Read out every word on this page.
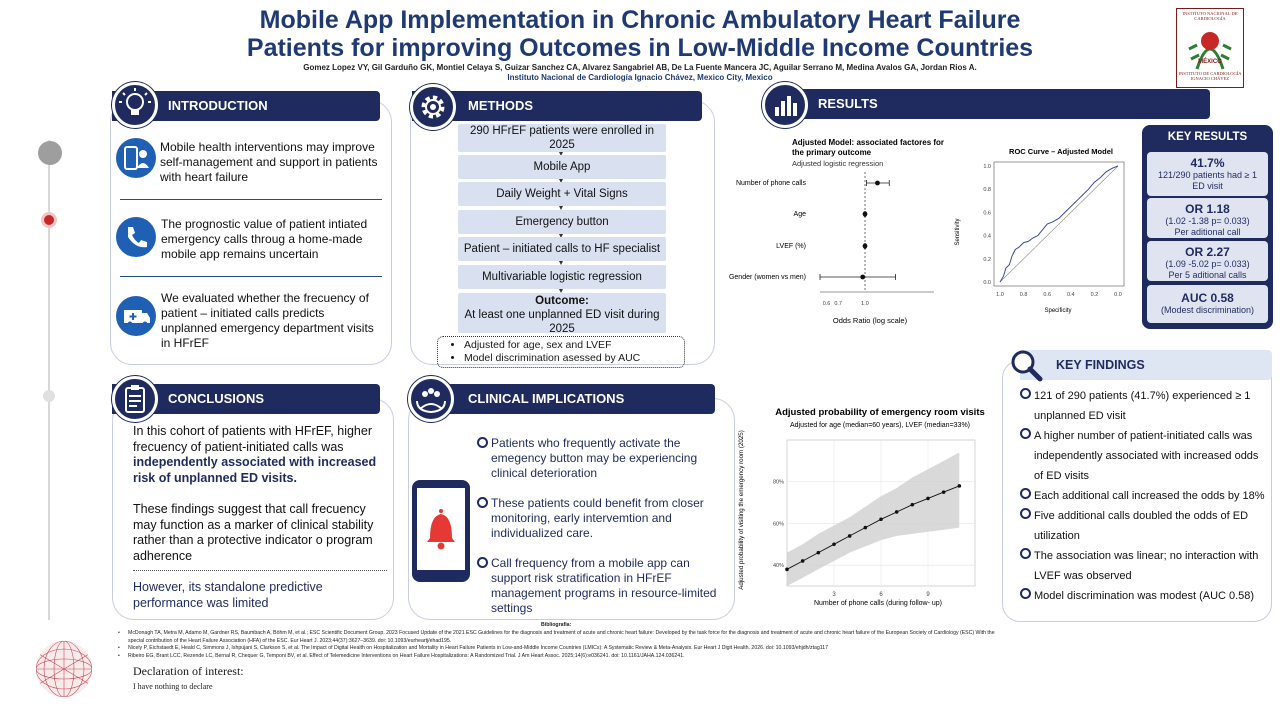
Mobile App Implementation in Chronic Ambulatory Heart Failure
Patients for improving Outcomes in Low-Middle Income Countries
Gomez Lopez VY, Gil Garduño GK, Montiel Celaya S, Guizar Sanchez CA, Alvarez Sangabriel AB, De La Fuente Mancera JC, Aguilar Serrano M, Medina Avalos GA, Jordan Rios A.
Instituto Nacional de Cardiología Ignacio Chávez, Mexico City, Mexico
INSTITUTO NACIONAL DE CARDIOLOGÍA
MÉXICO
INSTITUTO DE CARDIOLOGÍA IGNACIO CHÁVEZ
INTRODUCTION
Mobile health interventions may improve self-management and support in patients with heart failure
The prognostic value of patient intiated emergency calls throug a home-made mobile app remains uncertain
We evaluated whether the frecuency of patient – initiated calls predicts unplanned emergency department visits in HFrEF
METHODS
290 HFrEF patients were enrolled in 2025
Mobile App
Daily Weight + Vital Signs
Emergency button
Patient – initiated calls to HF specialist
Multivariable logistic regression
Outcome:
At least one unplanned ED visit during 2025
• Adjusted for age, sex and LVEF
• Model discrimination asessed by AUC
RESULTS
Adjusted Model: associated factores for the primary outcome
Adjusted logistic regression
0.6 0.7	1.0
Number of phone calls
Age
LVEF (%)
Gender (women vs men)
Odds Ratio (log scale)
ROC Curve – Adjusted Model
1.0	0.8	0.6	0.4	0.2	0.0
0.0
0.2
0.4
0.6
0.8
1.0
Specificity
Sensitivity
KEY RESULTS
41.7%
121/290 patients had ≥ 1
ED visit
OR 1.18
(1.02 -1.38 p= 0.033)
Per aditional call
OR 2.27
(1.09 -5.02 p= 0.033)
Per 5 aditional calls
AUC 0.58
(Modest discrimination)
KEY FINDINGS
121 of 290 patients (41.7%) experienced ≥ 1 unplanned ED visit
A higher number of patient-initiated calls was independently associated with increased odds of ED visits
Each additional call increased the odds by 18%
Five additional calls doubled the odds of ED utilization
The association was linear; no interaction with LVEF was observed
Model discrimination was modest (AUC 0.58)
CONCLUSIONS
In this cohort of patients with HFrEF, higher frecuency of patient-initiated calls was independently associated with increased risk of unplanned ED visits.
These findings suggest that call frecuency may function as a marker of clinical stability rather than a protective indicator o program adherence
However, its standalone predictive performance was limited
CLINICAL IMPLICATIONS
Patients who frequently activate the emegency button may be experiencing clinical deterioration
These patients could benefit from closer monitoring, early intervemtion and individualized care.
Call frequency from a mobile app can support risk stratification in HFrEF management programs in resource-limited settings
Adjusted probability of emergency room visits
Adjusted for age (median=60 years), LVEF (median=33%)
3	6	9
40%
60%
80%
Number of phone calls (during follow- up)
Adjusted probability of visiting the emergency room (2025)
Bibliografia:
•	McDonagh TA, Metra M, Adamo M, Gardner RS, Baumbach A, Böhm M, et al.; ESC Scientific Document Group. 2023 Focused Update of the 2021 ESC Guidelines for the diagnosis and treatment of acute and chronic heart failure: Developed by the task force for the diagnosis and treatment of acute and chronic heart failure of the European Society of Cardiology (ESC) With the special contribution of the Heart Failure Association (HFA) of the ESC. Eur Heart J. 2023;44(37):3627–3639. doi: 10.1093/eurheartj/ehad195.
•	Nicely P, Eichstaedt E, Heald C, Simmons J, Ishpujani S, Clarkson S, et al. The Impact of Digital Health on Hospitalization and Mortality in Heart Failure Patients in Low-and-Middle Income Countries (LMICs): A Systematic Review & Meta-Analysis. Eur Heart J Digit Health. 2026. doi: 10.1093/ehjdh/ztag117
•	Ribeiro EG, Brant LCC, Rezende LC, Bernal R, Chequer G, Temponi BV, et al. Effect of Telemedicine Interventions on Heart Failure Hospitalizations: A Randomized Trial. J Am Heart Assoc. 2025;14(6):e036241. doi: 10.1161/JAHA.124.036241.
Declaration of interest:
I have nothing to declare
